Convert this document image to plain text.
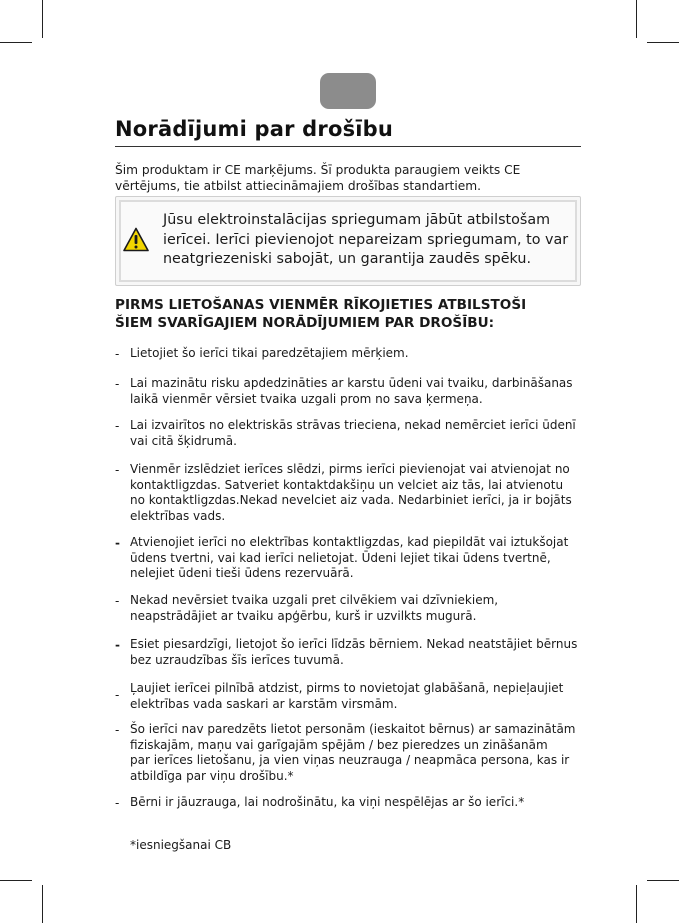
Norādījumi par drošību
Šim produktam ir CE marķējums. Šī produkta paraugiem veikts CE
vērtējums, tie atbilst attiecināmajiem drošības standartiem.
Jūsu elektroinstalācijas spriegumam jābūt atbilstošam
ierīcei. Ierīci pievienojot nepareizam spriegumam, to var
neatgriezeniski sabojāt, un garantija zaudēs spēku.
PIRMS LIETOŠANAS VIENMĒR RĪKOJIETIES ATBILSTOŠI
ŠIEM SVARĪGAJIEM NORĀDĪJUMIEM PAR DROŠĪBU:
- Lietojiet šo ierīci tikai paredzētajiem mērķiem.
- Lai mazinātu risku apdedzināties ar karstu ūdeni vai tvaiku, darbināšanas
laikā vienmēr vērsiet tvaika uzgali prom no sava ķermeņa.
- Lai izvairītos no elektriskās strāvas trieciena, nekad nemērciet ierīci ūdenī
vai citā šķidrumā.
- Vienmēr izslēdziet ierīces slēdzi, pirms ierīci pievienojat vai atvienojat no
kontaktligzdas. Satveriet kontaktdakšiņu un velciet aiz tās, lai atvienotu
no kontaktligzdas.Nekad nevelciet aiz vada. Nedarbiniet ierīci, ja ir bojāts
elektrības vads.
- Atvienojiet ierīci no elektrības kontaktligzdas, kad piepildāt vai iztukšojat
ūdens tvertni, vai kad ierīci nelietojat. Ūdeni lejiet tikai ūdens tvertnē,
nelejiet ūdeni tieši ūdens rezervuārā.
- Nekad nevērsiet tvaika uzgali pret cilvēkiem vai dzīvniekiem,
neapstrādājiet ar tvaiku apģērbu, kurš ir uzvilkts mugurā.
- Esiet piesardzīgi, lietojot šo ierīci līdzās bērniem. Nekad neatstājiet bērnus
bez uzraudzības šīs ierīces tuvumā.
- Ļaujiet ierīcei pilnībā atdzist, pirms to novietojat glabāšanā, nepieļaujiet
elektrības vada saskari ar karstām virsmām.
- Šo ierīci nav paredzēts lietot personām (ieskaitot bērnus) ar samazinātām
fiziskajām, maņu vai garīgajām spējām / bez pieredzes un zināšanām
par ierīces lietošanu, ja vien viņas neuzrauga / neapmāca persona, kas ir
atbildīga par viņu drošību.*
- Bērni ir jāuzrauga, lai nodrošinātu, ka viņi nespēlējas ar šo ierīci.*
*iesniegšanai CB
